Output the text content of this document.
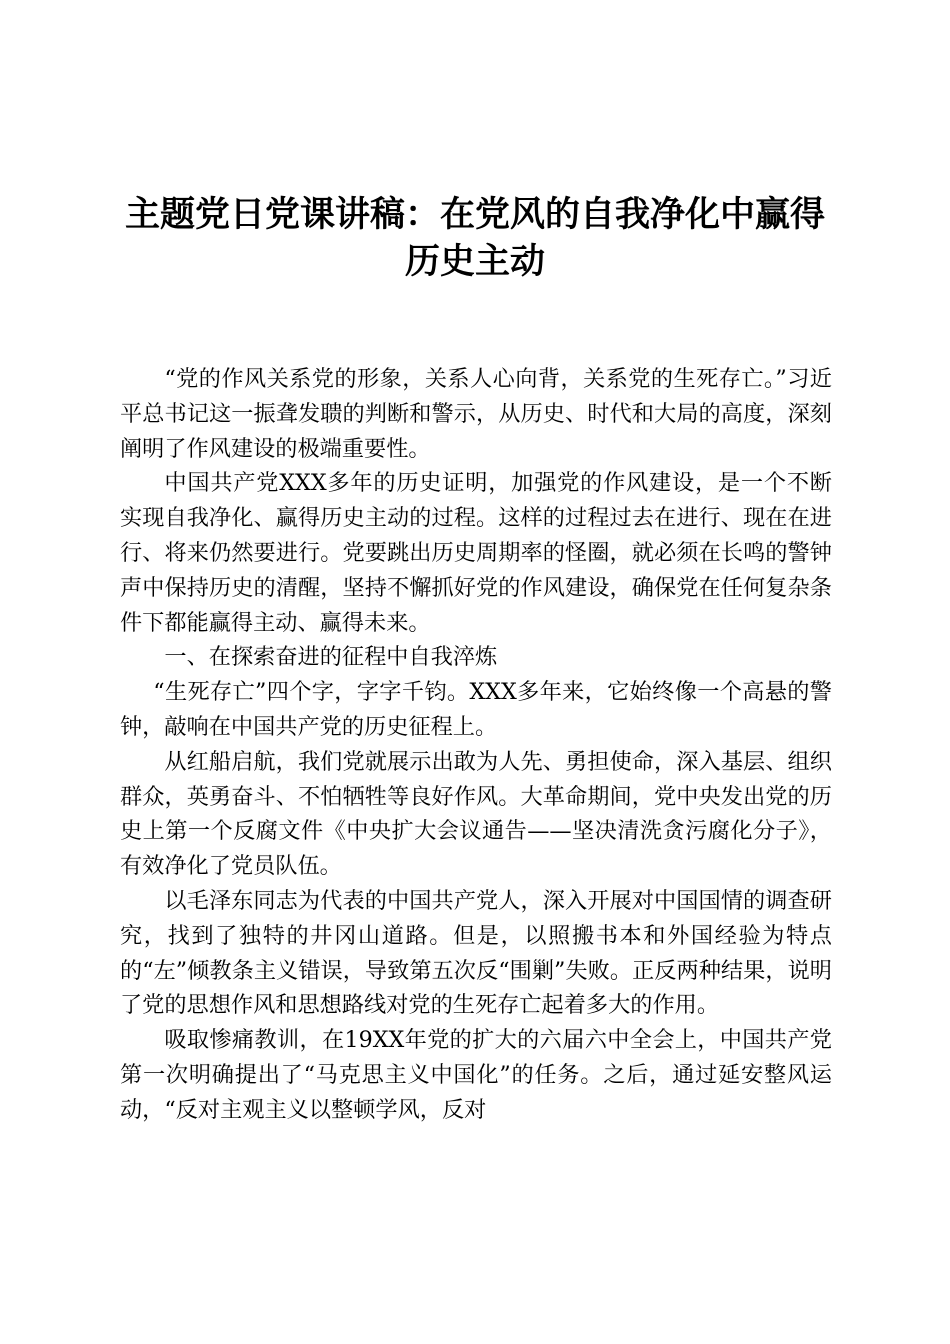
主题党日党课讲稿：在党风的自我净化中赢得
历史主动

“党的作风关系党的形象，关系人心向背，关系党的生死存亡。”习近平总书记这一振聋发聩的判断和警示，从历史、时代和大局的高度，深刻阐明了作风建设的极端重要性。

中国共产党XXX多年的历史证明，加强党的作风建设，是一个不断实现自我净化、赢得历史主动的过程。这样的过程过去在进行、现在在进行、将来仍然要进行。党要跳出历史周期率的怪圈，就必须在长鸣的警钟声中保持历史的清醒，坚持不懈抓好党的作风建设，确保党在任何复杂条件下都能赢得主动、赢得未来。

一、在探索奋进的征程中自我淬炼

“生死存亡”四个字，字字千钧。XXX多年来，它始终像一个高悬的警钟，敲响在中国共产党的历史征程上。

从红船启航，我们党就展示出敢为人先、勇担使命，深入基层、组织群众，英勇奋斗、不怕牺牲等良好作风。大革命期间，党中央发出党的历史上第一个反腐文件《中央扩大会议通告——坚决清洗贪污腐化分子》，有效净化了党员队伍。

以毛泽东同志为代表的中国共产党人，深入开展对中国国情的调查研究，找到了独特的井冈山道路。但是，以照搬书本和外国经验为特点的“左”倾教条主义错误，导致第五次反“围剿”失败。正反两种结果，说明了党的思想作风和思想路线对党的生死存亡起着多大的作用。

吸取惨痛教训，在19XX年党的扩大的六届六中全会上，中国共产党第一次明确提出了“马克思主义中国化”的任务。之后，通过延安整风运动，“反对主观主义以整顿学风，反对
